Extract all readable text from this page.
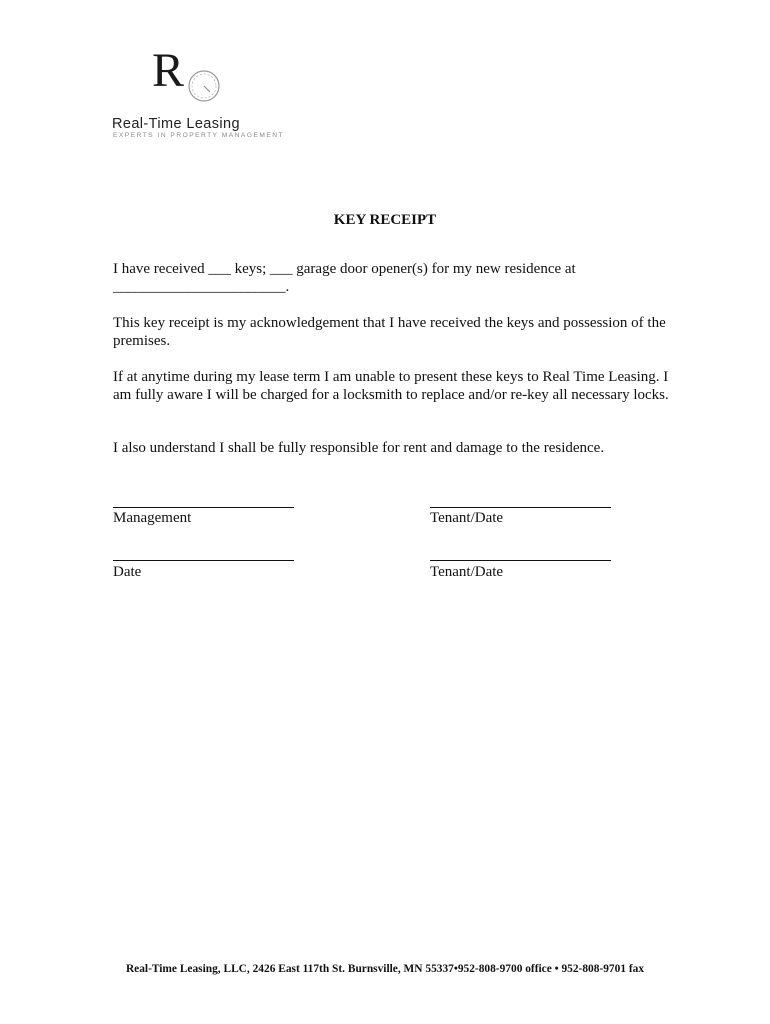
R
Real-Time Leasing
EXPERTS IN PROPERTY MANAGEMENT
KEY RECEIPT
I have received ___ keys; ___ garage door opener(s) for my new residence at
_______________________.
This key receipt is my acknowledgement that I have received the keys and possession of the premises.
If at anytime during my lease term I am unable to present these keys to Real Time Leasing. I am fully aware I will be charged for a locksmith to replace and/or re-key all necessary locks.
I also understand I shall be fully responsible for rent and damage to the residence.
Management	Tenant/Date
Date	Tenant/Date
Real-Time Leasing, LLC, 2426 East 117th St. Burnsville, MN 55337•952-808-9700 office • 952-808-9701 fax
